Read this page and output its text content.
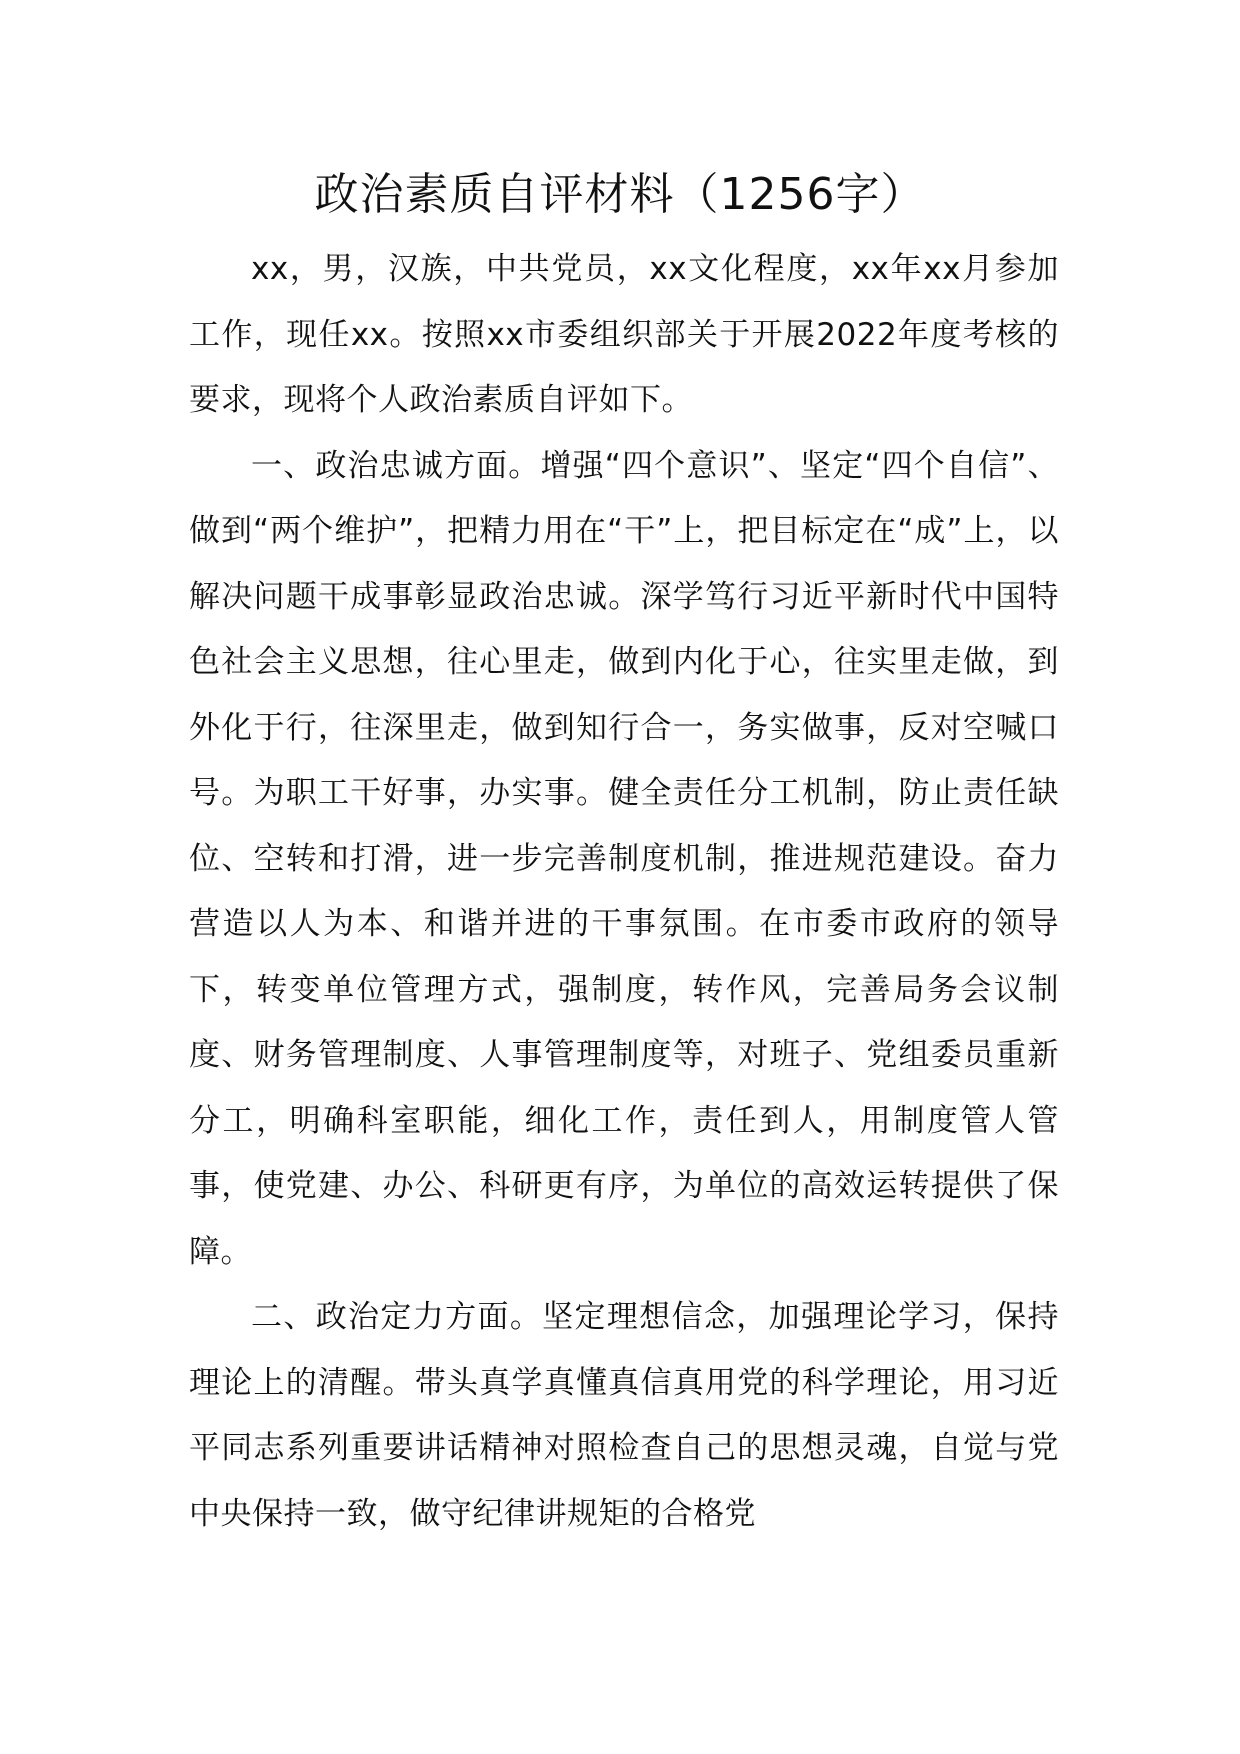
政治素质自评材料（1256字）

xx，男，汉族，中共党员，xx文化程度，xx年xx月参加工作，现任xx。按照xx市委组织部关于开展2022年度考核的要求，现将个人政治素质自评如下。

一、政治忠诚方面。增强“四个意识”、坚定“四个自信”、做到“两个维护”，把精力用在“干”上，把目标定在“成”上，以解决问题干成事彰显政治忠诚。深学笃行习近平新时代中国特色社会主义思想，往心里走，做到内化于心，往实里走做，到外化于行，往深里走，做到知行合一，务实做事，反对空喊口号。为职工干好事，办实事。健全责任分工机制，防止责任缺位、空转和打滑，进一步完善制度机制，推进规范建设。奋力营造以人为本、和谐并进的干事氛围。在市委市政府的领导下，转变单位管理方式，强制度，转作风，完善局务会议制度、财务管理制度、人事管理制度等，对班子、党组委员重新分工，明确科室职能，细化工作，责任到人，用制度管人管事，使党建、办公、科研更有序，为单位的高效运转提供了保障。

二、政治定力方面。坚定理想信念，加强理论学习，保持理论上的清醒。带头真学真懂真信真用党的科学理论，用习近平同志系列重要讲话精神对照检查自己的思想灵魂，自觉与党中央保持一致，做守纪律讲规矩的合格党
